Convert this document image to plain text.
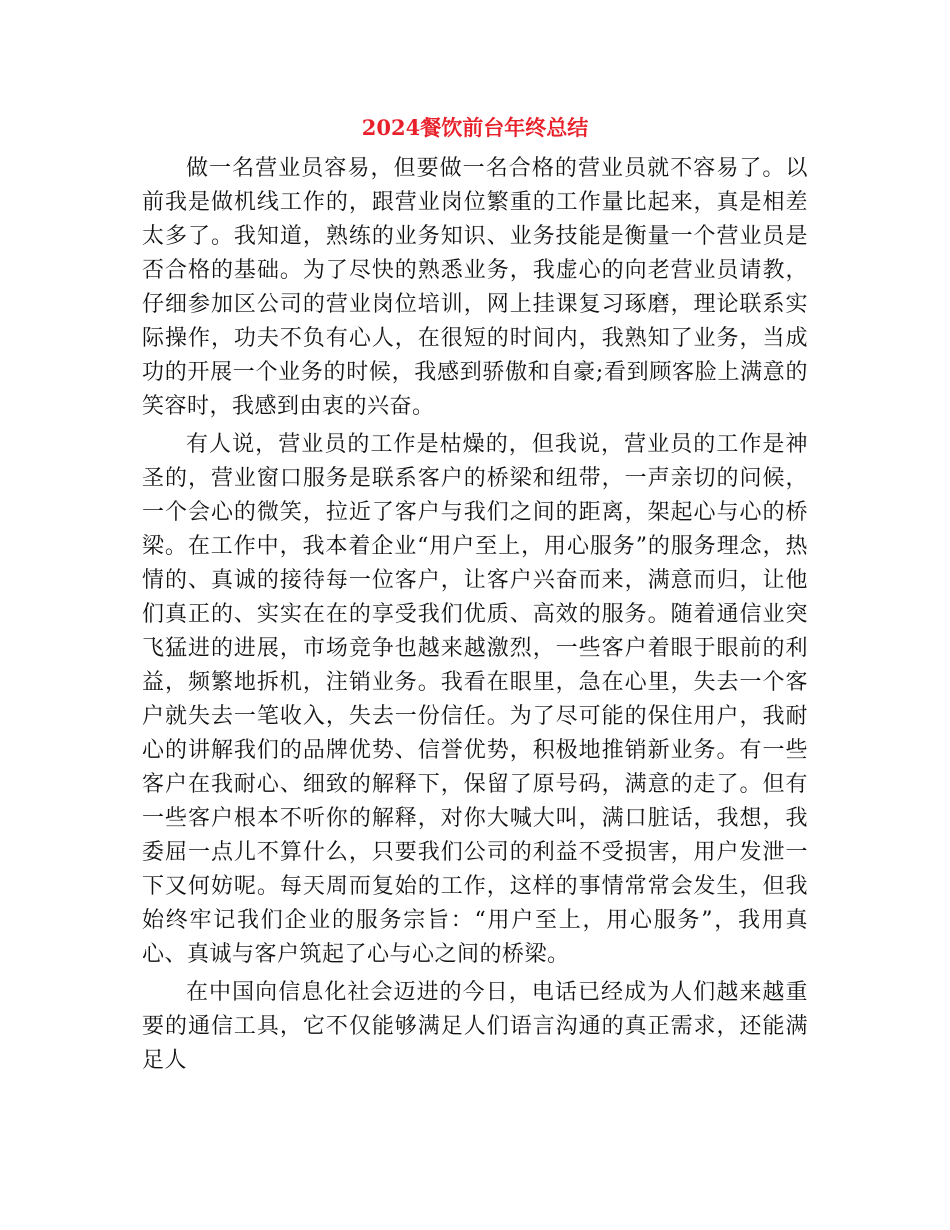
2024餐饮前台年终总结

做一名营业员容易，但要做一名合格的营业员就不容易了。以前我是做机线工作的，跟营业岗位繁重的工作量比起来，真是相差太多了。我知道，熟练的业务知识、业务技能是衡量一个营业员是否合格的基础。为了尽快的熟悉业务，我虚心的向老营业员请教，仔细参加区公司的营业岗位培训，网上挂课复习琢磨，理论联系实际操作，功夫不负有心人，在很短的时间内，我熟知了业务，当成功的开展一个业务的时候，我感到骄傲和自豪;看到顾客脸上满意的笑容时，我感到由衷的兴奋。

有人说，营业员的工作是枯燥的，但我说，营业员的工作是神圣的，营业窗口服务是联系客户的桥梁和纽带，一声亲切的问候，一个会心的微笑，拉近了客户与我们之间的距离，架起心与心的桥梁。在工作中，我本着企业“用户至上，用心服务”的服务理念，热情的、真诚的接待每一位客户，让客户兴奋而来，满意而归，让他们真正的、实实在在的享受我们优质、高效的服务。随着通信业突飞猛进的进展，市场竞争也越来越激烈，一些客户着眼于眼前的利益，频繁地拆机，注销业务。我看在眼里，急在心里，失去一个客户就失去一笔收入，失去一份信任。为了尽可能的保住用户，我耐心的讲解我们的品牌优势、信誉优势，积极地推销新业务。有一些客户在我耐心、细致的解释下，保留了原号码，满意的走了。但有一些客户根本不听你的解释，对你大喊大叫，满口脏话，我想，我委屈一点儿不算什么，只要我们公司的利益不受损害，用户发泄一下又何妨呢。每天周而复始的工作，这样的事情常常会发生，但我始终牢记我们企业的服务宗旨：“用户至上，用心服务”，我用真心、真诚与客户筑起了心与心之间的桥梁。

在中国向信息化社会迈进的今日，电话已经成为人们越来越重要的通信工具，它不仅能够满足人们语言沟通的真正需求，还能满足人
